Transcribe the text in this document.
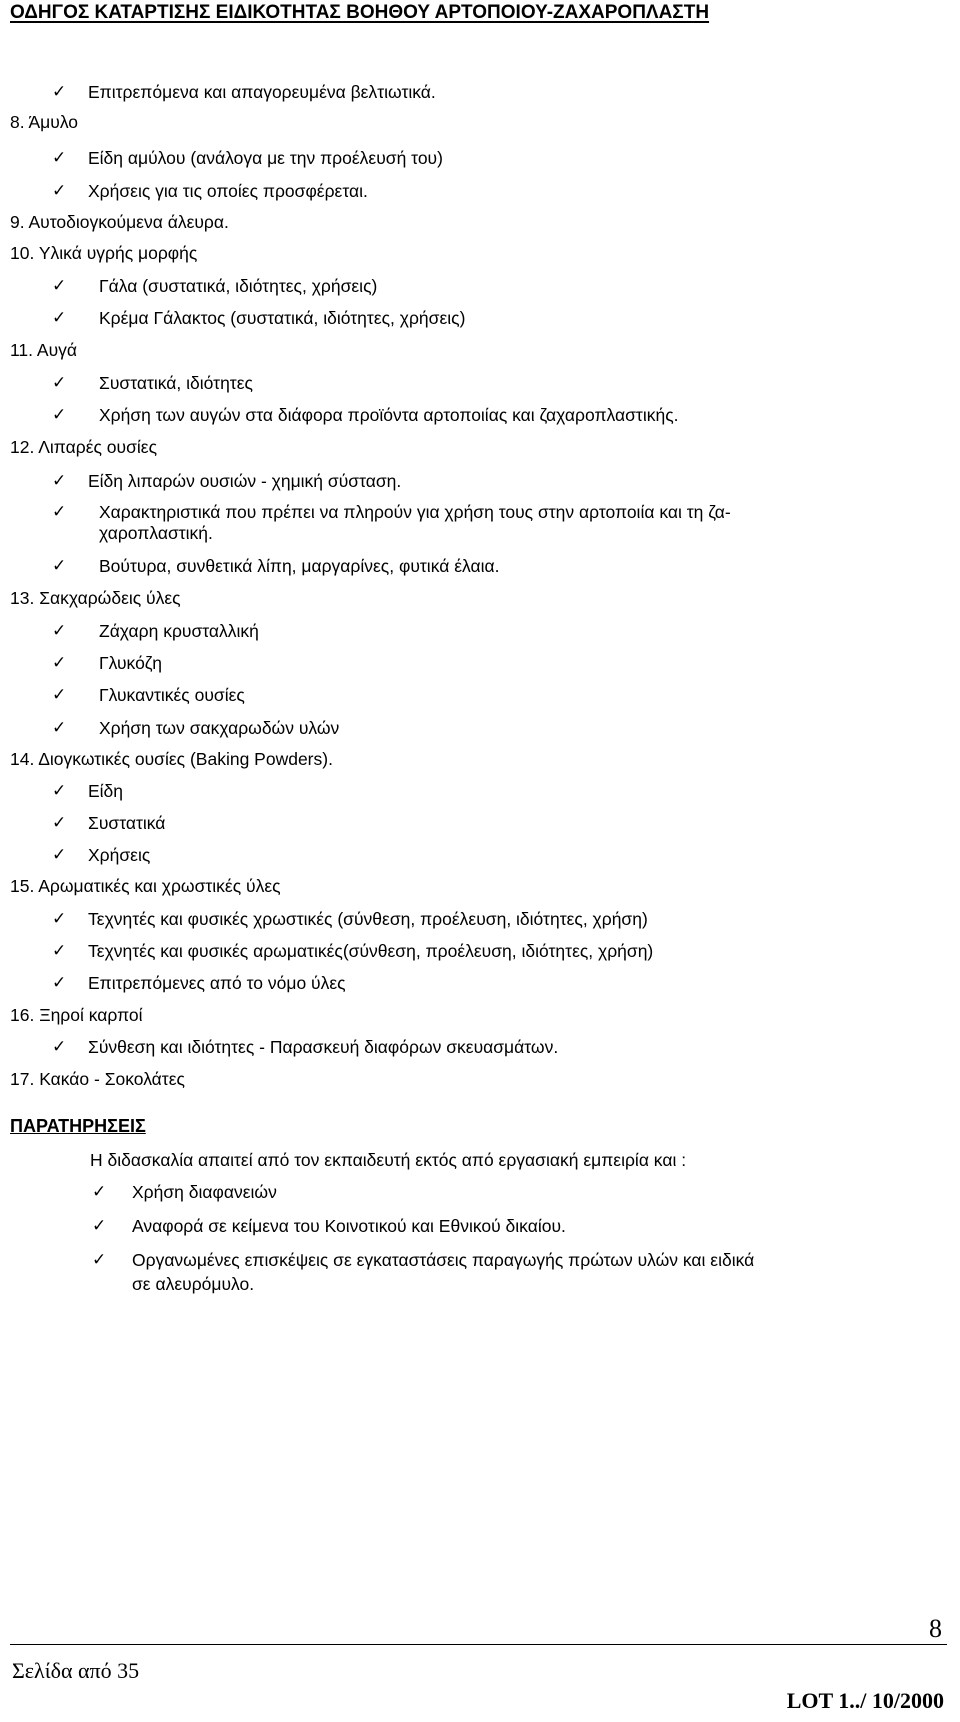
ΟΔΗΓΟΣ ΚΑΤΑΡΤΙΣΗΣ ΕΙΔΙΚΟΤΗΤΑΣ ΒΟΗΘΟΥ ΑΡΤΟΠΟΙΟΥ-ΖΑΧΑΡΟΠΛΑΣΤΗ
✓ Επιτρεπόμενα και απαγορευμένα βελτιωτικά.
8. Άμυλο
✓ Είδη αμύλου (ανάλογα με την προέλευσή του)
✓ Χρήσεις για τις οποίες προσφέρεται.
9. Αυτοδιογκούμενα άλευρα.
10. Υλικά υγρής μορφής
✓ Γάλα (συστατικά, ιδιότητες, χρήσεις)
✓ Κρέμα Γάλακτος (συστατικά, ιδιότητες, χρήσεις)
11. Αυγά
✓ Συστατικά, ιδιότητες
✓ Χρήση των αυγών στα διάφορα προϊόντα αρτοποιίας και ζαχαροπλαστικής.
12. Λιπαρές ουσίες
✓ Είδη λιπαρών ουσιών - χημική σύσταση.
✓ Χαρακτηριστικά που πρέπει να πληρούν για χρήση τους στην αρτοποιία και τη ζα-
χαροπλαστική.
✓ Βούτυρα, συνθετικά λίπη, μαργαρίνες, φυτικά έλαια.
13. Σακχαρώδεις ύλες
✓ Ζάχαρη κρυσταλλική
✓ Γλυκόζη
✓ Γλυκαντικές ουσίες
✓ Χρήση των σακχαρωδών υλών
14. Διογκωτικές ουσίες (Baking Powders).
✓ Είδη
✓ Συστατικά
✓ Χρήσεις
15. Αρωματικές και χρωστικές ύλες
✓ Τεχνητές και φυσικές χρωστικές (σύνθεση, προέλευση, ιδιότητες, χρήση)
✓ Τεχνητές και φυσικές αρωματικές(σύνθεση, προέλευση, ιδιότητες, χρήση)
✓ Επιτρεπόμενες από το νόμο ύλες
16. Ξηροί καρποί
✓ Σύνθεση και ιδιότητες - Παρασκευή διαφόρων σκευασμάτων.
17. Κακάο - Σοκολάτες
ΠΑΡΑΤΗΡΗΣΕΙΣ
Η διδασκαλία απαιτεί από τον εκπαιδευτή εκτός από εργασιακή εμπειρία και :
✓ Χρήση διαφανειών
✓ Αναφορά σε κείμενα του Κοινοτικού και Εθνικού δικαίου.
✓ Οργανωμένες επισκέψεις σε εγκαταστάσεις παραγωγής πρώτων υλών και ειδικά
σε αλευρόμυλο.
8
Σελίδα από 35
LOT 1../ 10/2000
